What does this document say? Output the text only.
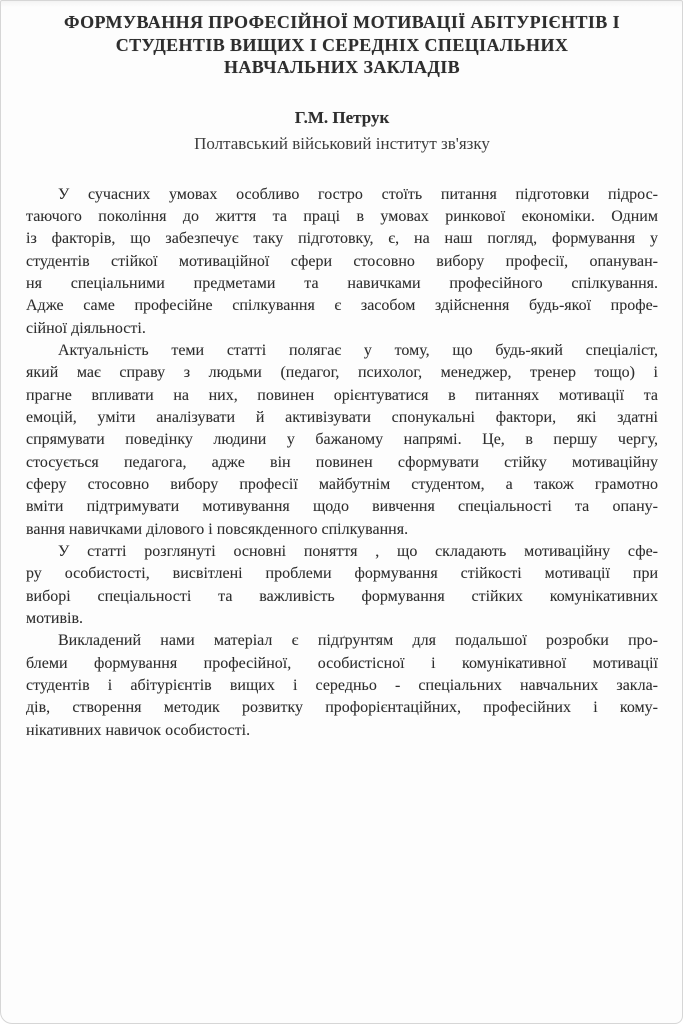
ФОРМУВАННЯ ПРОФЕСІЙНОЇ МОТИВАЦІЇ АБІТУРІЄНТІВ І
СТУДЕНТІВ ВИЩИХ І СЕРЕДНІХ СПЕЦІАЛЬНИХ
НАВЧАЛЬНИХ ЗАКЛАДІВ
Г.М. Петрук
Полтавський військовий інститут зв'язку
У сучасних умовах особливо гостро стоїть питання підготовки підрос-
таючого покоління до життя та праці в умовах ринкової економіки. Одним
із факторів, що забезпечує таку підготовку, є, на наш погляд, формування у
студентів стійкої мотиваційної сфери стосовно вибору професії, опануван-
ня спеціальними предметами та навичками професійного спілкування.
Адже саме професійне спілкування є засобом здійснення будь-якої профе-
сійної діяльності.
Актуальність теми статті полягає у тому, що будь-який спеціаліст,
який має справу з людьми (педагог, психолог, менеджер, тренер тощо) і
прагне впливати на них, повинен орієнтуватися в питаннях мотивації та
емоцій, уміти аналізувати й активізувати спонукальні фактори, які здатні
спрямувати поведінку людини у бажаному напрямі. Це, в першу чергу,
стосується педагога, адже він повинен сформувати стійку мотиваційну
сферу стосовно вибору професії майбутнім студентом, а також грамотно
вміти підтримувати мотивування щодо вивчення спеціальності та опану-
вання навичками ділового і повсякденного спілкування.
У статті розглянуті основні поняття , що складають мотиваційну сфе-
ру особистості, висвітлені проблеми формування стійкості мотивації при
виборі спеціальності та важливість формування стійких комунікативних
мотивів.
Викладений нами матеріал є підґрунтям для подальшої розробки про-
блеми формування професійної, особистісної і комунікативної мотивації
студентів і абітурієнтів вищих і середньо - спеціальних навчальних закла-
дів, створення методик розвитку профорієнтаційних, професійних і кому-
нікативних навичок особистості.
